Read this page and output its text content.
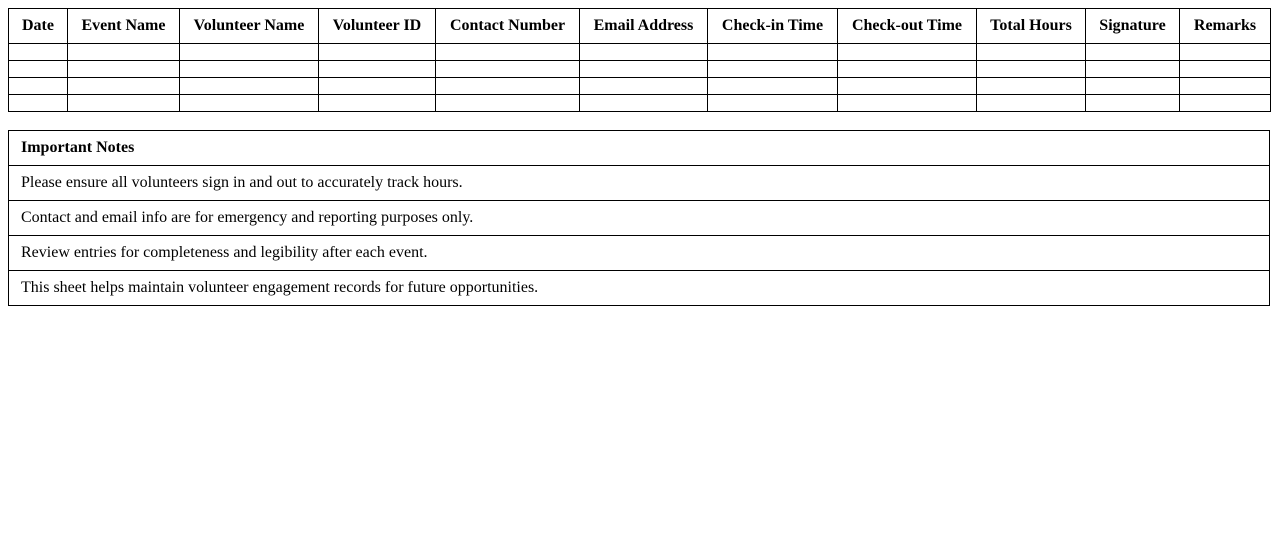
Date	Event Name	Volunteer Name	Volunteer ID	Contact Number	Email Address	Check-in Time	Check-out Time	Total Hours	Signature	Remarks

Important Notes
Please ensure all volunteers sign in and out to accurately track hours.
Contact and email info are for emergency and reporting purposes only.
Review entries for completeness and legibility after each event.
This sheet helps maintain volunteer engagement records for future opportunities.
